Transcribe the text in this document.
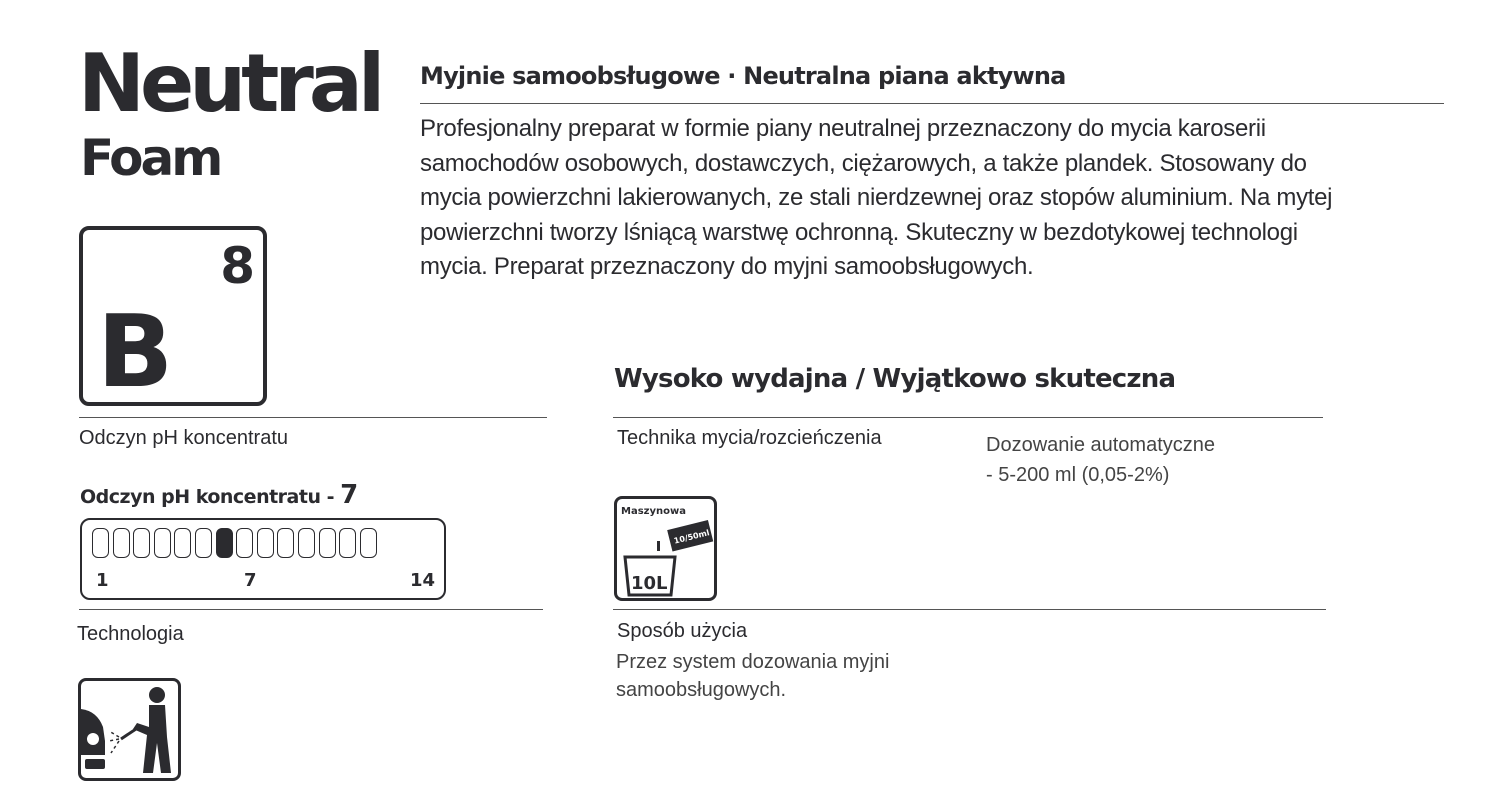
Neutral
Foam
8
B
Myjnie samoobsługowe · Neutralna piana aktywna
Profesjonalny preparat w formie piany neutralnej przeznaczony do mycia karoserii
samochodów osobowych, dostawczych, ciężarowych, a także plandek. Stosowany do
mycia powierzchni lakierowanych, ze stali nierdzewnej oraz stopów aluminium. Na mytej
powierzchni tworzy lśniącą warstwę ochronną. Skuteczny w bezdotykowej technologi
mycia. Preparat przeznaczony do myjni samoobsługowych.
Wysoko wydajna / Wyjątkowo skuteczna
Odczyn pH koncentratu
Odczyn pH koncentratu - 7
1	7	14
Technika mycia/rozcieńczenia	Dozowanie automatyczne
- 5-200 ml (0,05-2%)
Maszynowa
10/50ml
10L
Technologia	Sposób użycia
Przez system dozowania myjni
samoobsługowych.
